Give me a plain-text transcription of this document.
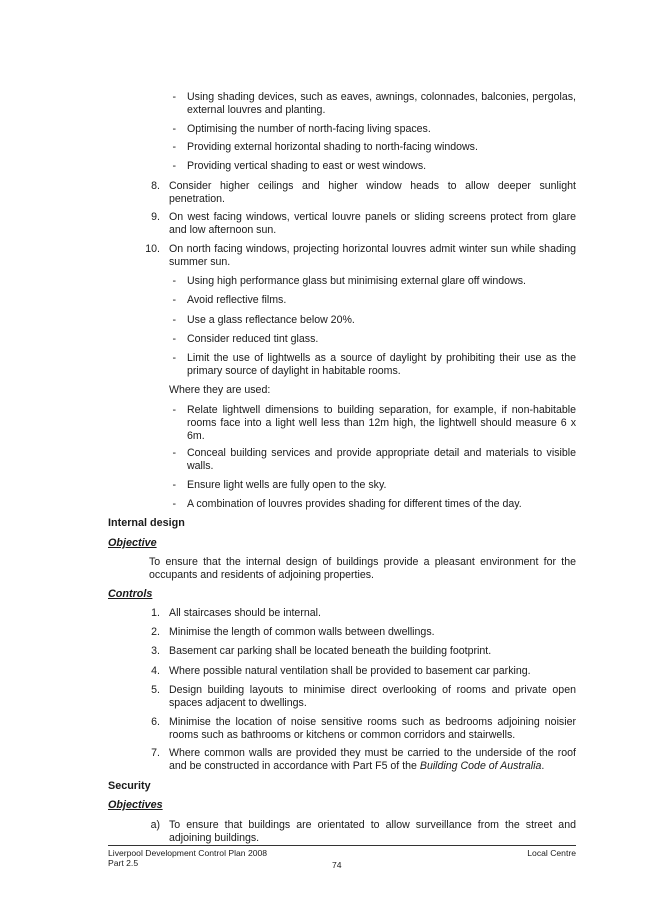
- Using shading devices, such as eaves, awnings, colonnades, balconies, pergolas, external louvres and planting.
- Optimising the number of north-facing living spaces.
- Providing external horizontal shading to north-facing windows.
- Providing vertical shading to east or west windows.
8. Consider higher ceilings and higher window heads to allow deeper sunlight penetration.
9. On west facing windows, vertical louvre panels or sliding screens protect from glare and low afternoon sun.
10. On north facing windows, projecting horizontal louvres admit winter sun while shading summer sun.
- Using high performance glass but minimising external glare off windows.
- Avoid reflective films.
- Use a glass reflectance below 20%.
- Consider reduced tint glass.
- Limit the use of lightwells as a source of daylight by prohibiting their use as the primary source of daylight in habitable rooms.
Where they are used:
- Relate lightwell dimensions to building separation, for example, if non-habitable rooms face into a light well less than 12m high, the lightwell should measure 6 x 6m.
- Conceal building services and provide appropriate detail and materials to visible walls.
- Ensure light wells are fully open to the sky.
- A combination of louvres provides shading for different times of the day.
Internal design
Objective
To ensure that the internal design of buildings provide a pleasant environment for the occupants and residents of adjoining properties.
Controls
1. All staircases should be internal.
2. Minimise the length of common walls between dwellings.
3. Basement car parking shall be located beneath the building footprint.
4. Where possible natural ventilation shall be provided to basement car parking.
5. Design building layouts to minimise direct overlooking of rooms and private open spaces adjacent to dwellings.
6. Minimise the location of noise sensitive rooms such as bedrooms adjoining noisier rooms such as bathrooms or kitchens or common corridors and stairwells.
7. Where common walls are provided they must be carried to the underside of the roof and be constructed in accordance with Part F5 of the Building Code of Australia.
Security
Objectives
a) To ensure that buildings are orientated to allow surveillance from the street and adjoining buildings.
Liverpool Development Control Plan 2008
Part 2.5	74
Local Centre
